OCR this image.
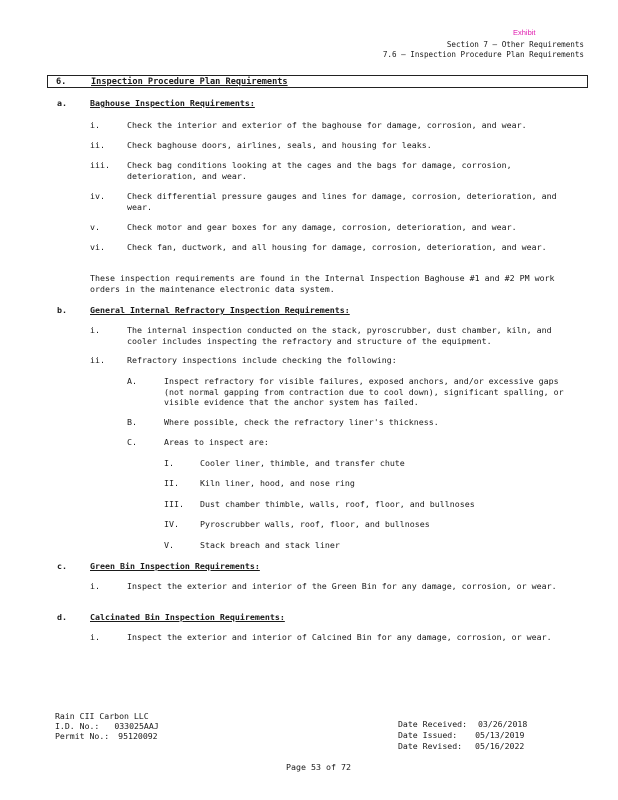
Exhibit
Section 7 – Other Requirements
7.6 – Inspection Procedure Plan Requirements
6.	Inspection Procedure Plan Requirements
a.	Baghouse Inspection Requirements:
i.	Check the interior and exterior of the baghouse for damage, corrosion, and wear.
ii.	Check baghouse doors, airlines, seals, and housing for leaks.
iii. Check bag conditions looking at the cages and the bags for damage, corrosion, deterioration, and wear.
iv.	Check differential pressure gauges and lines for damage, corrosion, deterioration, and wear.
v.	Check motor and gear boxes for any damage, corrosion, deterioration, and wear.
vi.	Check fan, ductwork, and all housing for damage, corrosion, deterioration, and wear.
These inspection requirements are found in the Internal Inspection Baghouse #1 and #2 PM work orders in the maintenance electronic data system.
b.	General Internal Refractory Inspection Requirements:
i.	The internal inspection conducted on the stack, pyroscrubber, dust chamber, kiln, and cooler includes inspecting the refractory and structure of the equipment.
ii.	Refractory inspections include checking the following:
A.	Inspect refractory for visible failures, exposed anchors, and/or excessive gaps (not normal gapping from contraction due to cool down), significant spalling, or visible evidence that the anchor system has failed.
B.	Where possible, check the refractory liner's thickness.
C.	Areas to inspect are:
I.	Cooler liner, thimble, and transfer chute
II.	Kiln liner, hood, and nose ring
III. Dust chamber thimble, walls, roof, floor, and bullnoses
IV.	Pyroscrubber walls, roof, floor, and bullnoses
V.	Stack breach and stack liner
c.	Green Bin Inspection Requirements:
i.	Inspect the exterior and interior of the Green Bin for any damage, corrosion, or wear.
d.	Calcinated Bin Inspection Requirements:
i.	Inspect the exterior and interior of Calcined Bin for any damage, corrosion, or wear.
Rain CII Carbon LLC
I.D. No.: 033025AAJ
Permit No.: 95120092
Date Received: 03/26/2018
Date Issued: 05/13/2019
Date Revised: 05/16/2022
Page 53 of 72
